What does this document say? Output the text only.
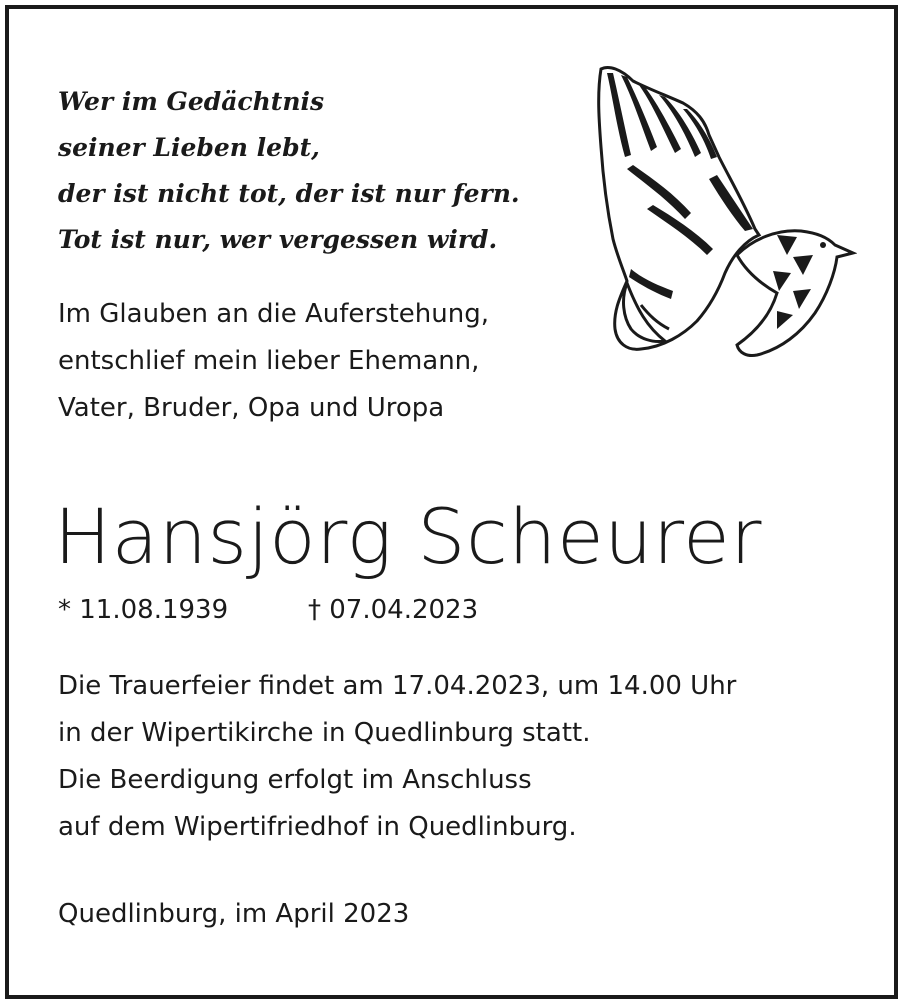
Wer im Gedächtnis
seiner Lieben lebt,
der ist nicht tot, der ist nur fern.
Tot ist nur, wer vergessen wird.
Im Glauben an die Auferstehung,
entschlief mein lieber Ehemann,
Vater, Bruder, Opa und Uropa
Hansjörg Scheurer
* 11.08.1939	† 07.04.2023
Die Trauerfeier findet am 17.04.2023, um 14.00 Uhr
in der Wipertikirche in Quedlinburg statt.
Die Beerdigung erfolgt im Anschluss
auf dem Wipertifriedhof in Quedlinburg.
Quedlinburg, im April 2023
